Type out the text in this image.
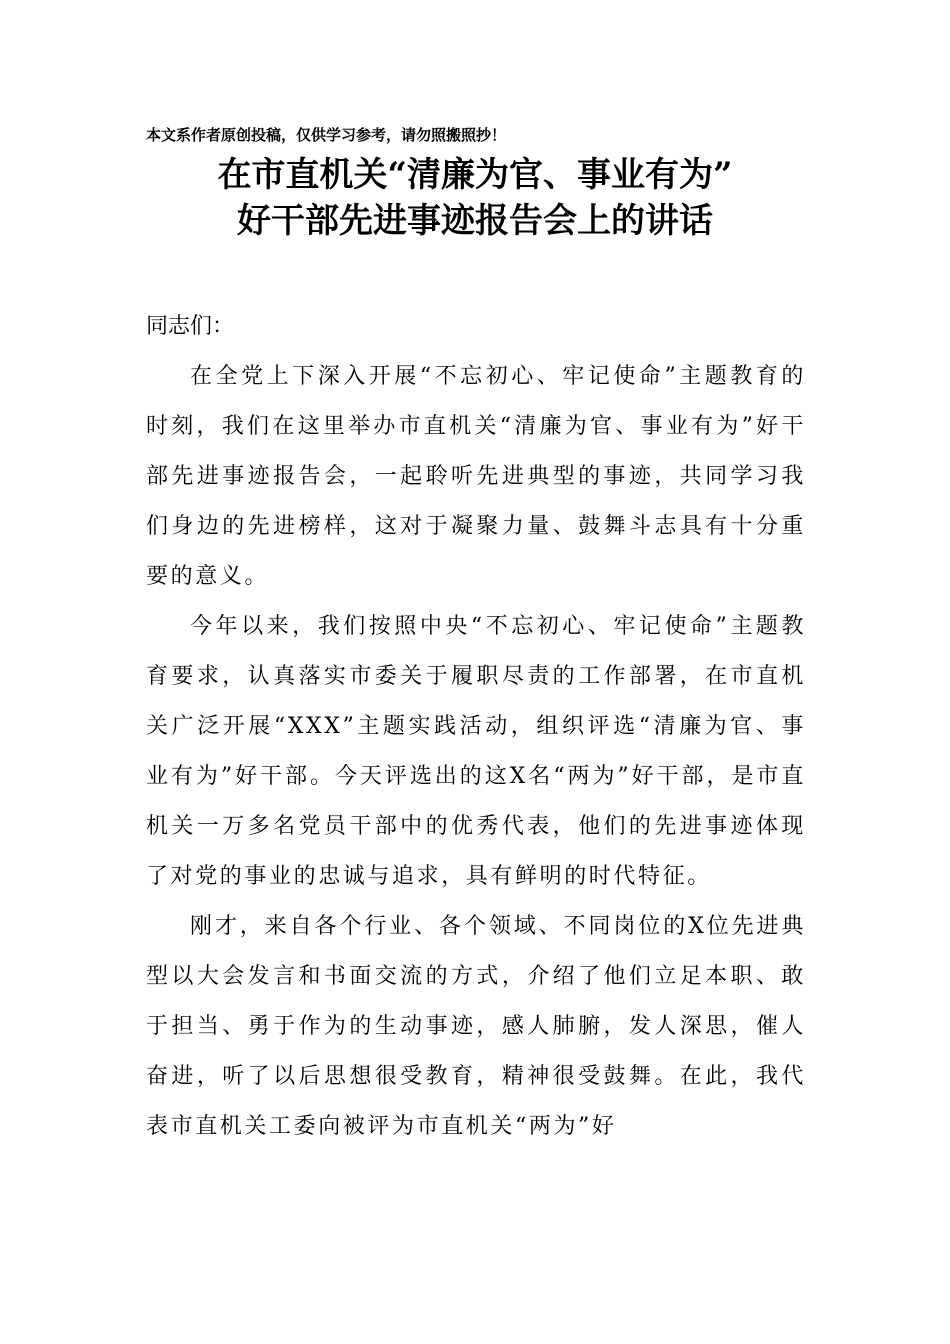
本文系作者原创投稿，仅供学习参考，请勿照搬照抄！
在市直机关“清廉为官、事业有为”
好干部先进事迹报告会上的讲话
同志们：

在全党上下深入开展“不忘初心、牢记使命”主题教育的时刻，我们在这里举办市直机关“清廉为官、事业有为”好干部先进事迹报告会，一起聆听先进典型的事迹，共同学习我们身边的先进榜样，这对于凝聚力量、鼓舞斗志具有十分重要的意义。

今年以来，我们按照中央“不忘初心、牢记使命”主题教育要求，认真落实市委关于履职尽责的工作部署，在市直机关广泛开展“XXX”主题实践活动，组织评选“清廉为官、事业有为”好干部。今天评选出的这X名“两为”好干部，是市直机关一万多名党员干部中的优秀代表，他们的先进事迹体现了对党的事业的忠诚与追求，具有鲜明的时代特征。

刚才，来自各个行业、各个领域、不同岗位的X位先进典型以大会发言和书面交流的方式，介绍了他们立足本职、敢于担当、勇于作为的生动事迹，感人肺腑，发人深思，催人奋进，听了以后思想很受教育，精神很受鼓舞。在此，我代表市直机关工委向被评为市直机关“两为”好
